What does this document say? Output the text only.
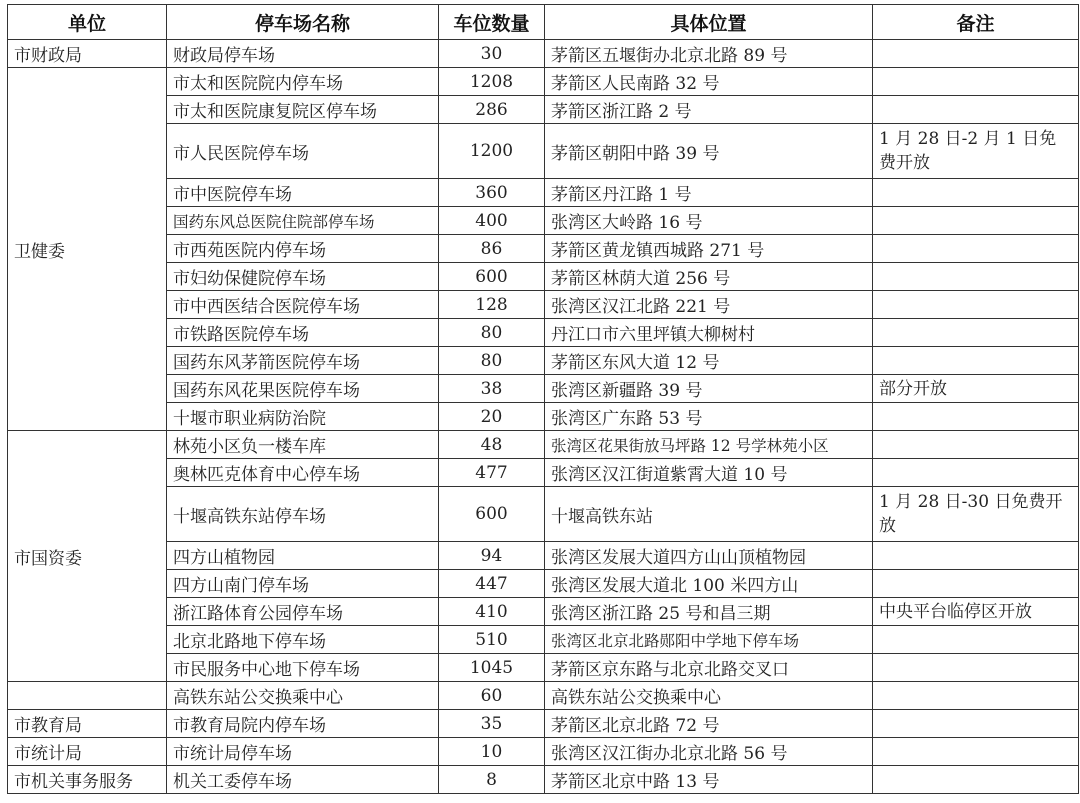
单位	停车场名称	车位数量	具体位置	备注
市财政局	财政局停车场	30	茅箭区五堰街办北京北路 89 号	
卫健委	市太和医院院内停车场	1208	茅箭区人民南路 32 号	
	市太和医院康复院区停车场	286	茅箭区浙江路 2 号	
	市人民医院停车场	1200	茅箭区朝阳中路 39 号	1 月 28 日-2 月 1 日免费开放
	市中医院停车场	360	茅箭区丹江路 1 号	
	国药东风总医院住院部停车场	400	张湾区大岭路 16 号	
	市西苑医院内停车场	86	茅箭区黄龙镇西城路 271 号	
	市妇幼保健院停车场	600	茅箭区林荫大道 256 号	
	市中西医结合医院停车场	128	张湾区汉江北路 221 号	
	市铁路医院停车场	80	丹江口市六里坪镇大柳树村	
	国药东风茅箭医院停车场	80	茅箭区东风大道 12 号	
	国药东风花果医院停车场	38	张湾区新疆路 39 号	部分开放
	十堰市职业病防治院	20	张湾区广东路 53 号	
市国资委	林苑小区负一楼车库	48	张湾区花果街放马坪路 12 号学林苑小区	
	奥林匹克体育中心停车场	477	张湾区汉江街道紫霄大道 10 号	
	十堰高铁东站停车场	600	十堰高铁东站	1 月 28 日-30 日免费开放
	四方山植物园	94	张湾区发展大道四方山山顶植物园	
	四方山南门停车场	447	张湾区发展大道北 100 米四方山	
	浙江路体育公园停车场	410	张湾区浙江路 25 号和昌三期	中央平台临停区开放
	北京北路地下停车场	510	张湾区北京北路郧阳中学地下停车场	
	市民服务中心地下停车场	1045	茅箭区京东路与北京北路交叉口	
	高铁东站公交换乘中心	60	高铁东站公交换乘中心	
市教育局	市教育局院内停车场	35	茅箭区北京北路 72 号	
市统计局	市统计局停车场	10	张湾区汉江街办北京北路 56 号	
市机关事务服务	机关工委停车场	8	茅箭区北京中路 13 号	
